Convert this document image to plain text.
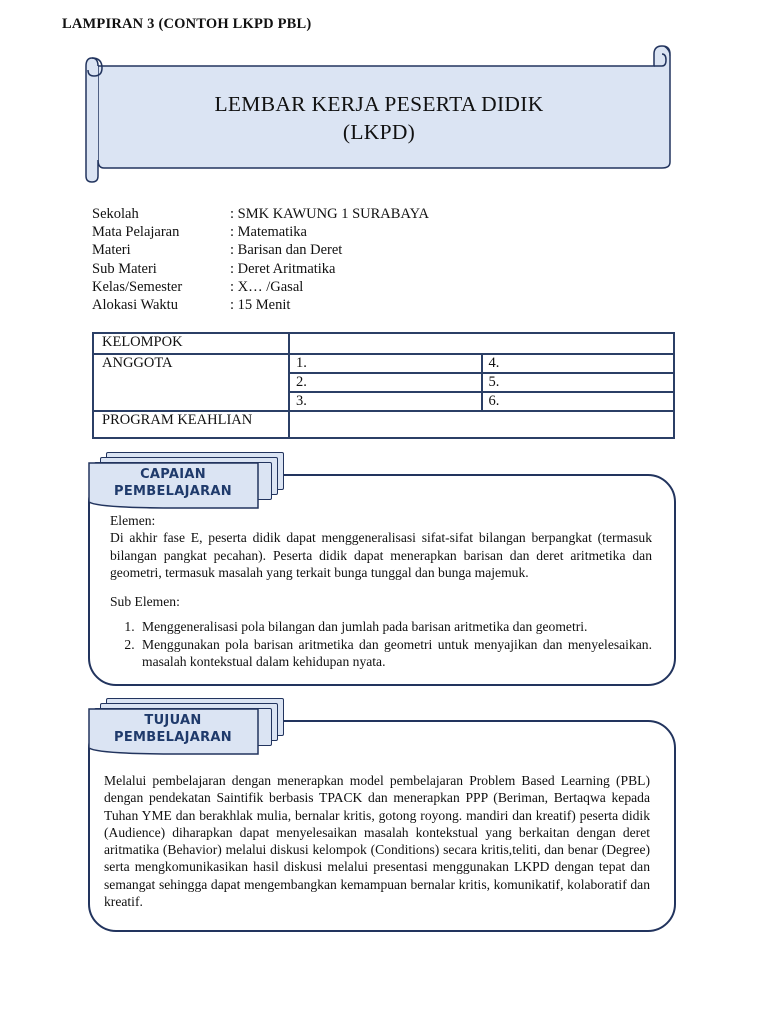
LAMPIRAN 3 (CONTOH LKPD PBL)
LEMBAR KERJA PESERTA DIDIK
(LKPD)
Sekolah	: SMK KAWUNG 1 SURABAYA
Mata Pelajaran	: Matematika
Materi	: Barisan dan Deret
Sub Materi	: Deret Aritmatika
Kelas/Semester	: X… /Gasal
Alokasi Waktu	: 15 Menit
KELOMPOK		
ANGGOTA	1.	4.
	2.	5.
	3.	6.
PROGRAM KEAHLIAN		
CAPAIAN
PEMBELAJARAN

Elemen:

Di akhir fase E, peserta didik dapat menggeneralisasi sifat-sifat bilangan berpangkat (termasuk bilangan pangkat pecahan). Peserta didik dapat menerapkan barisan dan deret aritmetika dan geometri, termasuk masalah yang terkait bunga tunggal dan bunga majemuk.

Sub Elemen:

1. Menggeneralisasi pola bilangan dan jumlah pada barisan aritmetika dan geometri.
2. Menggunakan pola barisan aritmetika dan geometri untuk menyajikan dan menyelesaikan. masalah kontekstual dalam kehidupan nyata.
TUJUAN
PEMBELAJARAN

Melalui pembelajaran dengan menerapkan model pembelajaran Problem Based Learning (PBL) dengan pendekatan Saintifik berbasis TPACK dan menerapkan PPP (Beriman, Bertaqwa kepada Tuhan YME dan berakhlak mulia, bernalar kritis, gotong royong. mandiri dan kreatif) peserta didik (Audience) diharapkan dapat menyelesaikan masalah kontekstual yang berkaitan dengan deret aritmatika (Behavior) melalui diskusi kelompok (Conditions) secara kritis,teliti, dan benar (Degree) serta mengkomunikasikan hasil diskusi melalui presentasi menggunakan LKPD dengan tepat dan semangat sehingga dapat mengembangkan kemampuan bernalar kritis, komunikatif, kolaboratif dan kreatif.
